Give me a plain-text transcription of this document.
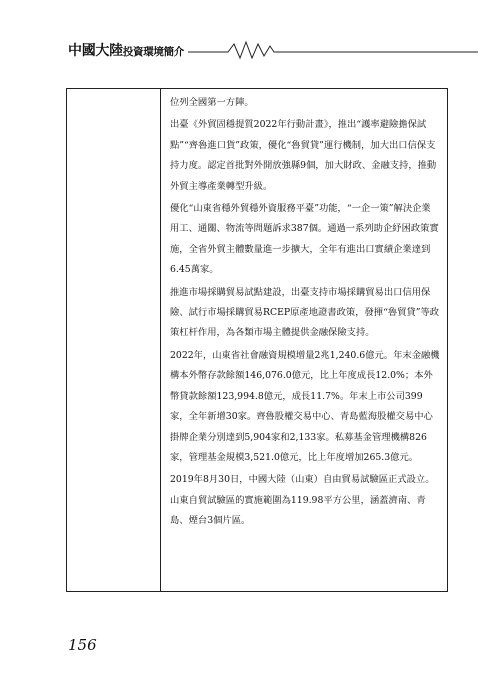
中國大陸投資環境簡介

位列全國第一方陣。

出臺《外貿固穩提質2022年行動計畫》，推出“護率避險擔保試點”“齊魯進口貨”政策，優化“魯貿貸”運行機制，加大出口信保支持力度。認定首批對外開放強縣9個，加大財政、金融支持，推動外貿主導產業轉型升級。

優化“山東省穩外貿穩外資服務平臺”功能，“一企一策”解決企業用工、通關、物流等問題訴求387個。通過一系列助企紓困政策實施，全省外貿主體數量進一步擴大，全年有進出口實績企業達到6.45萬家。

推進市場採購貿易試點建設，出臺支持市場採購貿易出口信用保險、試行市場採購貿易RCEP原產地證書政策，發揮“魯貿貸”等政策杠杆作用，為各類市場主體提供金融保險支持。

2022年，山東省社會融資規模增量2兆1,240.6億元。年末金融機構本外幣存款餘額146,076.0億元，比上年度成長12.0%；本外幣貸款餘額123,994.8億元，成長11.7%。年末上市公司399家，全年新增30家。齊魯股權交易中心、青島藍海股權交易中心掛牌企業分別達到5,904家和2,133家。私募基金管理機構826家，管理基金規模3,521.0億元，比上年度增加265.3億元。

2019年8月30日，中國大陸（山東）自由貿易試驗區正式設立。山東自貿試驗區的實施範圍為119.98平方公里，涵蓋濟南、青島、煙台3個片區。

156
